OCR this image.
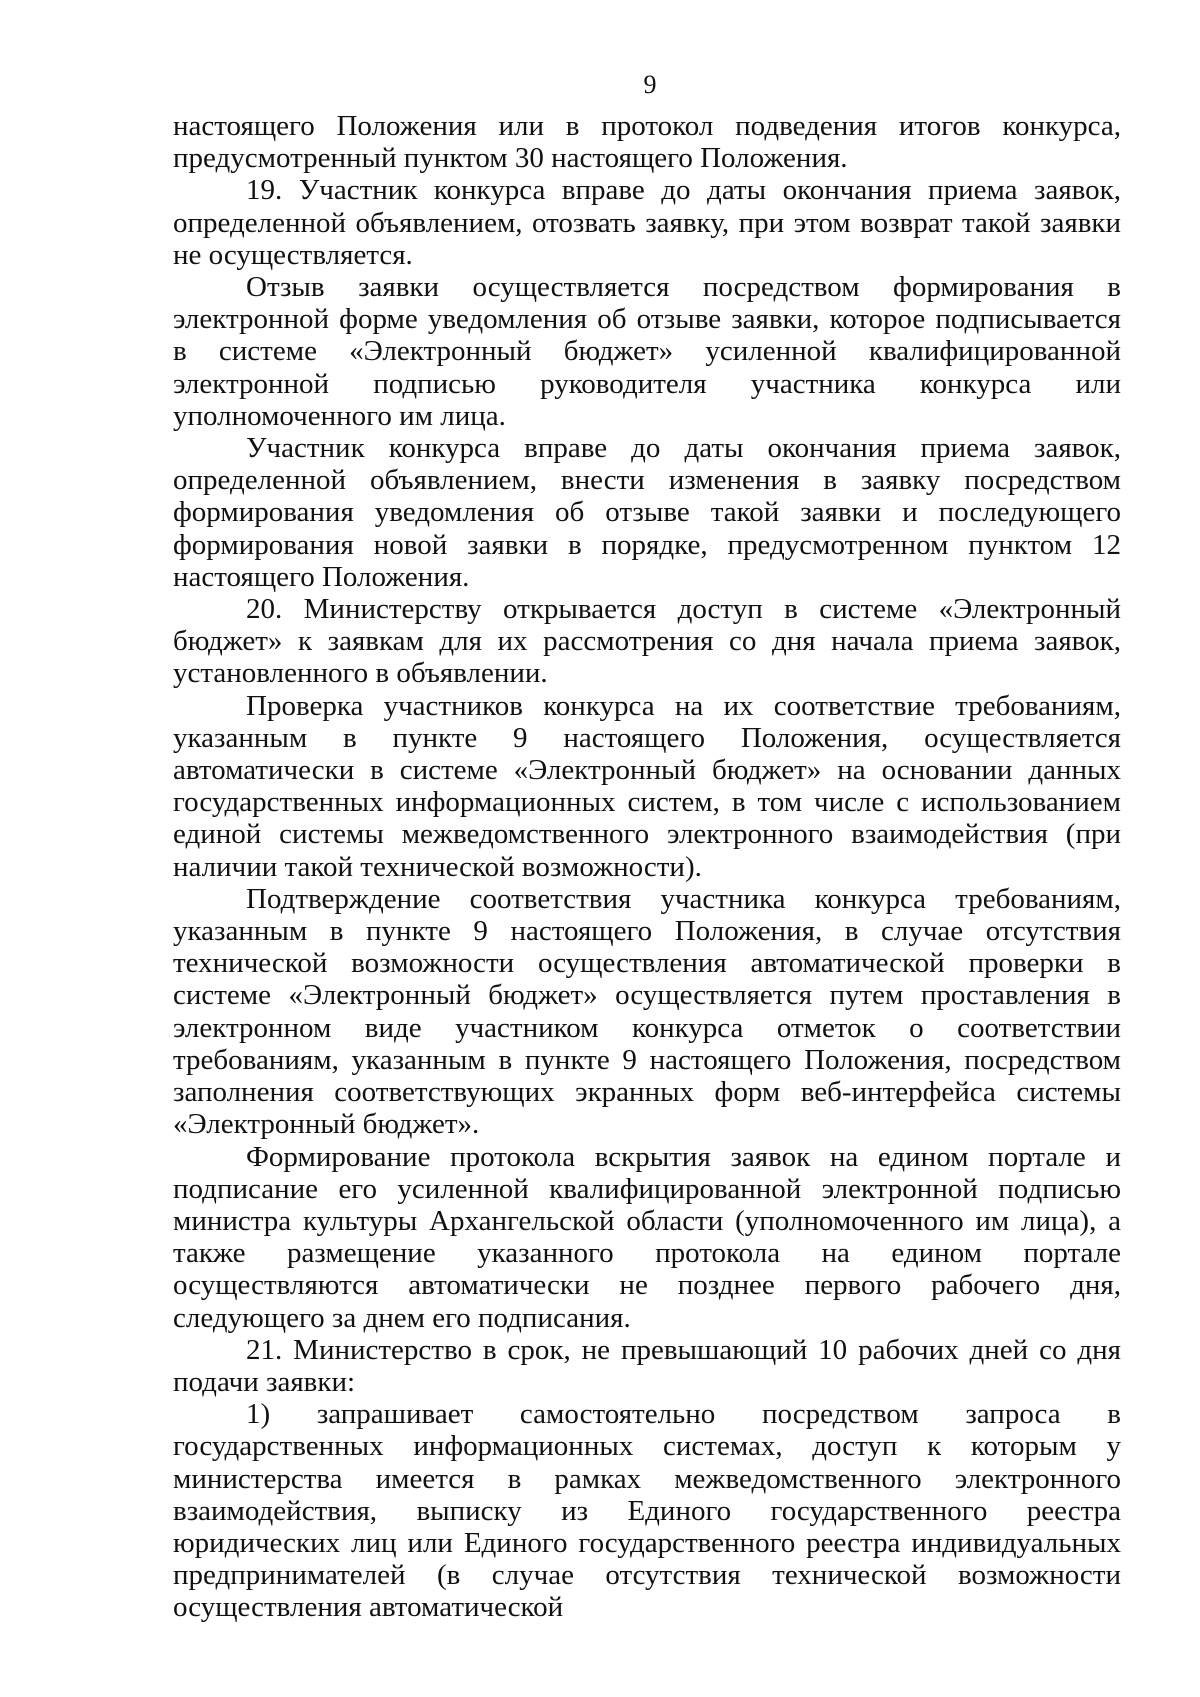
9

настоящего Положения или в протокол подведения итогов конкурса, предусмотренный пунктом 30 настоящего Положения.

19. Участник конкурса вправе до даты окончания приема заявок, определенной объявлением, отозвать заявку, при этом возврат такой заявки не осуществляется.

Отзыв заявки осуществляется посредством формирования в электронной форме уведомления об отзыве заявки, которое подписывается в системе «Электронный бюджет» усиленной квалифицированной электронной подписью руководителя участника конкурса или уполномоченного им лица.

Участник конкурса вправе до даты окончания приема заявок, определенной объявлением, внести изменения в заявку посредством формирования уведомления об отзыве такой заявки и последующего формирования новой заявки в порядке, предусмотренном пунктом 12 настоящего Положения.

20. Министерству открывается доступ в системе «Электронный бюджет» к заявкам для их рассмотрения со дня начала приема заявок, установленного в объявлении.

Проверка участников конкурса на их соответствие требованиям, указанным в пункте 9 настоящего Положения, осуществляется автоматически в системе «Электронный бюджет» на основании данных государственных информационных систем, в том числе с использованием единой системы межведомственного электронного взаимодействия (при наличии такой технической возможности).

Подтверждение соответствия участника конкурса требованиям, указанным в пункте 9 настоящего Положения, в случае отсутствия технической возможности осуществления автоматической проверки в системе «Электронный бюджет» осуществляется путем проставления в электронном виде участником конкурса отметок о соответствии требованиям, указанным в пункте 9 настоящего Положения, посредством заполнения соответствующих экранных форм веб-интерфейса системы «Электронный бюджет».

Формирование протокола вскрытия заявок на едином портале и подписание его усиленной квалифицированной электронной подписью министра культуры Архангельской области (уполномоченного им лица), а также размещение указанного протокола на едином портале осуществляются автоматически не позднее первого рабочего дня, следующего за днем его подписания.

21. Министерство в срок, не превышающий 10 рабочих дней со дня подачи заявки:

1) запрашивает самостоятельно посредством запроса в государственных информационных системах, доступ к которым у министерства имеется в рамках межведомственного электронного взаимодействия, выписку из Единого государственного реестра юридических лиц или Единого государственного реестра индивидуальных предпринимателей (в случае отсутствия технической возможности осуществления автоматической
